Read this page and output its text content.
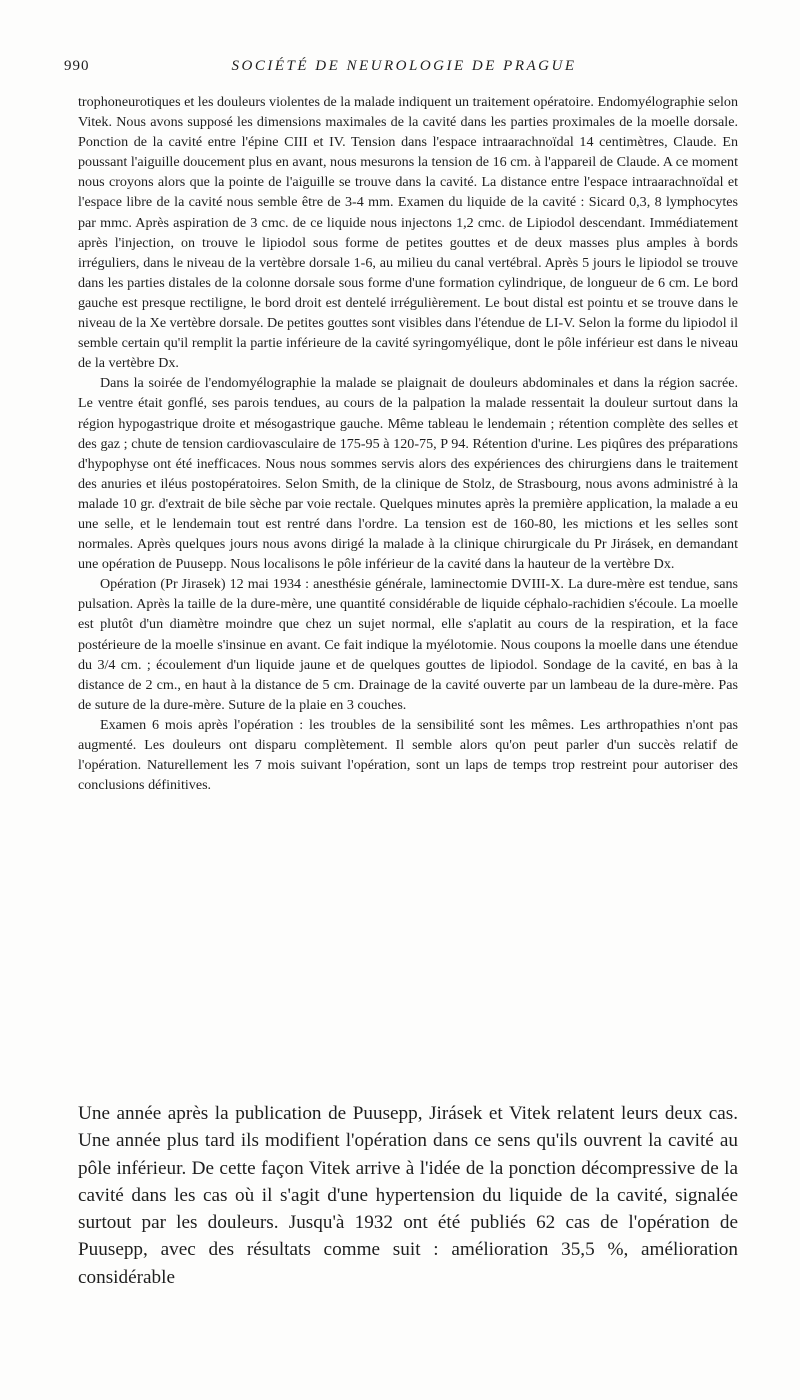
990	SOCIÉTÉ DE NEUROLOGIE DE PRAGUE

trophoneurotiques et les douleurs violentes de la malade indiquent un traitement opératoire. Endomyélographie selon Vitek. Nous avons supposé les dimensions maximales de la cavité dans les parties proximales de la moelle dorsale. Ponction de la cavité entre l'épine CIII et IV. Tension dans l'espace intraarachnoïdal 14 centimètres, Claude. En poussant l'aiguille doucement plus en avant, nous mesurons la tension de 16 cm. à l'appareil de Claude. A ce moment nous croyons alors que la pointe de l'aiguille se trouve dans la cavité. La distance entre l'espace intraarachnoïdal et l'espace libre de la cavité nous semble être de 3-4 mm. Examen du liquide de la cavité : Sicard 0,3, 8 lymphocytes par mmc. Après aspiration de 3 cmc. de ce liquide nous injectons 1,2 cmc. de Lipiodol descendant. Immédiatement après l'injection, on trouve le lipiodol sous forme de petites gouttes et de deux masses plus amples à bords irréguliers, dans le niveau de la vertèbre dorsale 1-6, au milieu du canal vertébral. Après 5 jours le lipiodol se trouve dans les parties distales de la colonne dorsale sous forme d'une formation cylindrique, de longueur de 6 cm. Le bord gauche est presque rectiligne, le bord droit est dentelé irrégulièrement. Le bout distal est pointu et se trouve dans le niveau de la Xe vertèbre dorsale. De petites gouttes sont visibles dans l'étendue de LI-V. Selon la forme du lipiodol il semble certain qu'il remplit la partie inférieure de la cavité syringomyélique, dont le pôle inférieur est dans le niveau de la vertèbre Dx.

Dans la soirée de l'endomyélographie la malade se plaignait de douleurs abdominales et dans la région sacrée. Le ventre était gonflé, ses parois tendues, au cours de la palpation la malade ressentait la douleur surtout dans la région hypogastrique droite et mésogastrique gauche. Même tableau le lendemain ; rétention complète des selles et des gaz ; chute de tension cardiovasculaire de 175-95 à 120-75, P 94. Rétention d'urine. Les piqûres des préparations d'hypophyse ont été inefficaces. Nous nous sommes servis alors des expériences des chirurgiens dans le traitement des anuries et iléus postopératoires. Selon Smith, de la clinique de Stolz, de Strasbourg, nous avons administré à la malade 10 gr. d'extrait de bile sèche par voie rectale. Quelques minutes après la première application, la malade a eu une selle, et le lendemain tout est rentré dans l'ordre. La tension est de 160-80, les mictions et les selles sont normales. Après quelques jours nous avons dirigé la malade à la clinique chirurgicale du Pr Jirásek, en demandant une opération de Puusepp. Nous localisons le pôle inférieur de la cavité dans la hauteur de la vertèbre Dx.

Opération (Pr Jirasek) 12 mai 1934 : anesthésie générale, laminectomie DVIII-X. La dure-mère est tendue, sans pulsation. Après la taille de la dure-mère, une quantité considérable de liquide céphalo-rachidien s'écoule. La moelle est plutôt d'un diamètre moindre que chez un sujet normal, elle s'aplatit au cours de la respiration, et la face postérieure de la moelle s'insinue en avant. Ce fait indique la myélotomie. Nous coupons la moelle dans une étendue du 3/4 cm. ; écoulement d'un liquide jaune et de quelques gouttes de lipiodol. Sondage de la cavité, en bas à la distance de 2 cm., en haut à la distance de 5 cm. Drainage de la cavité ouverte par un lambeau de la dure-mère. Pas de suture de la dure-mère. Suture de la plaie en 3 couches.

Examen 6 mois après l'opération : les troubles de la sensibilité sont les mêmes. Les arthropathies n'ont pas augmenté. Les douleurs ont disparu complètement. Il semble alors qu'on peut parler d'un succès relatif de l'opération. Naturellement les 7 mois suivant l'opération, sont un laps de temps trop restreint pour autoriser des conclusions définitives.

Une année après la publication de Puusepp, Jirásek et Vitek relatent leurs deux cas. Une année plus tard ils modifient l'opération dans ce sens qu'ils ouvrent la cavité au pôle inférieur. De cette façon Vitek arrive à l'idée de la ponction décompressive de la cavité dans les cas où il s'agit d'une hypertension du liquide de la cavité, signalée surtout par les douleurs. Jusqu'à 1932 ont été publiés 62 cas de l'opération de Puusepp, avec des résultats comme suit : amélioration 35,5 %, amélioration considérable
